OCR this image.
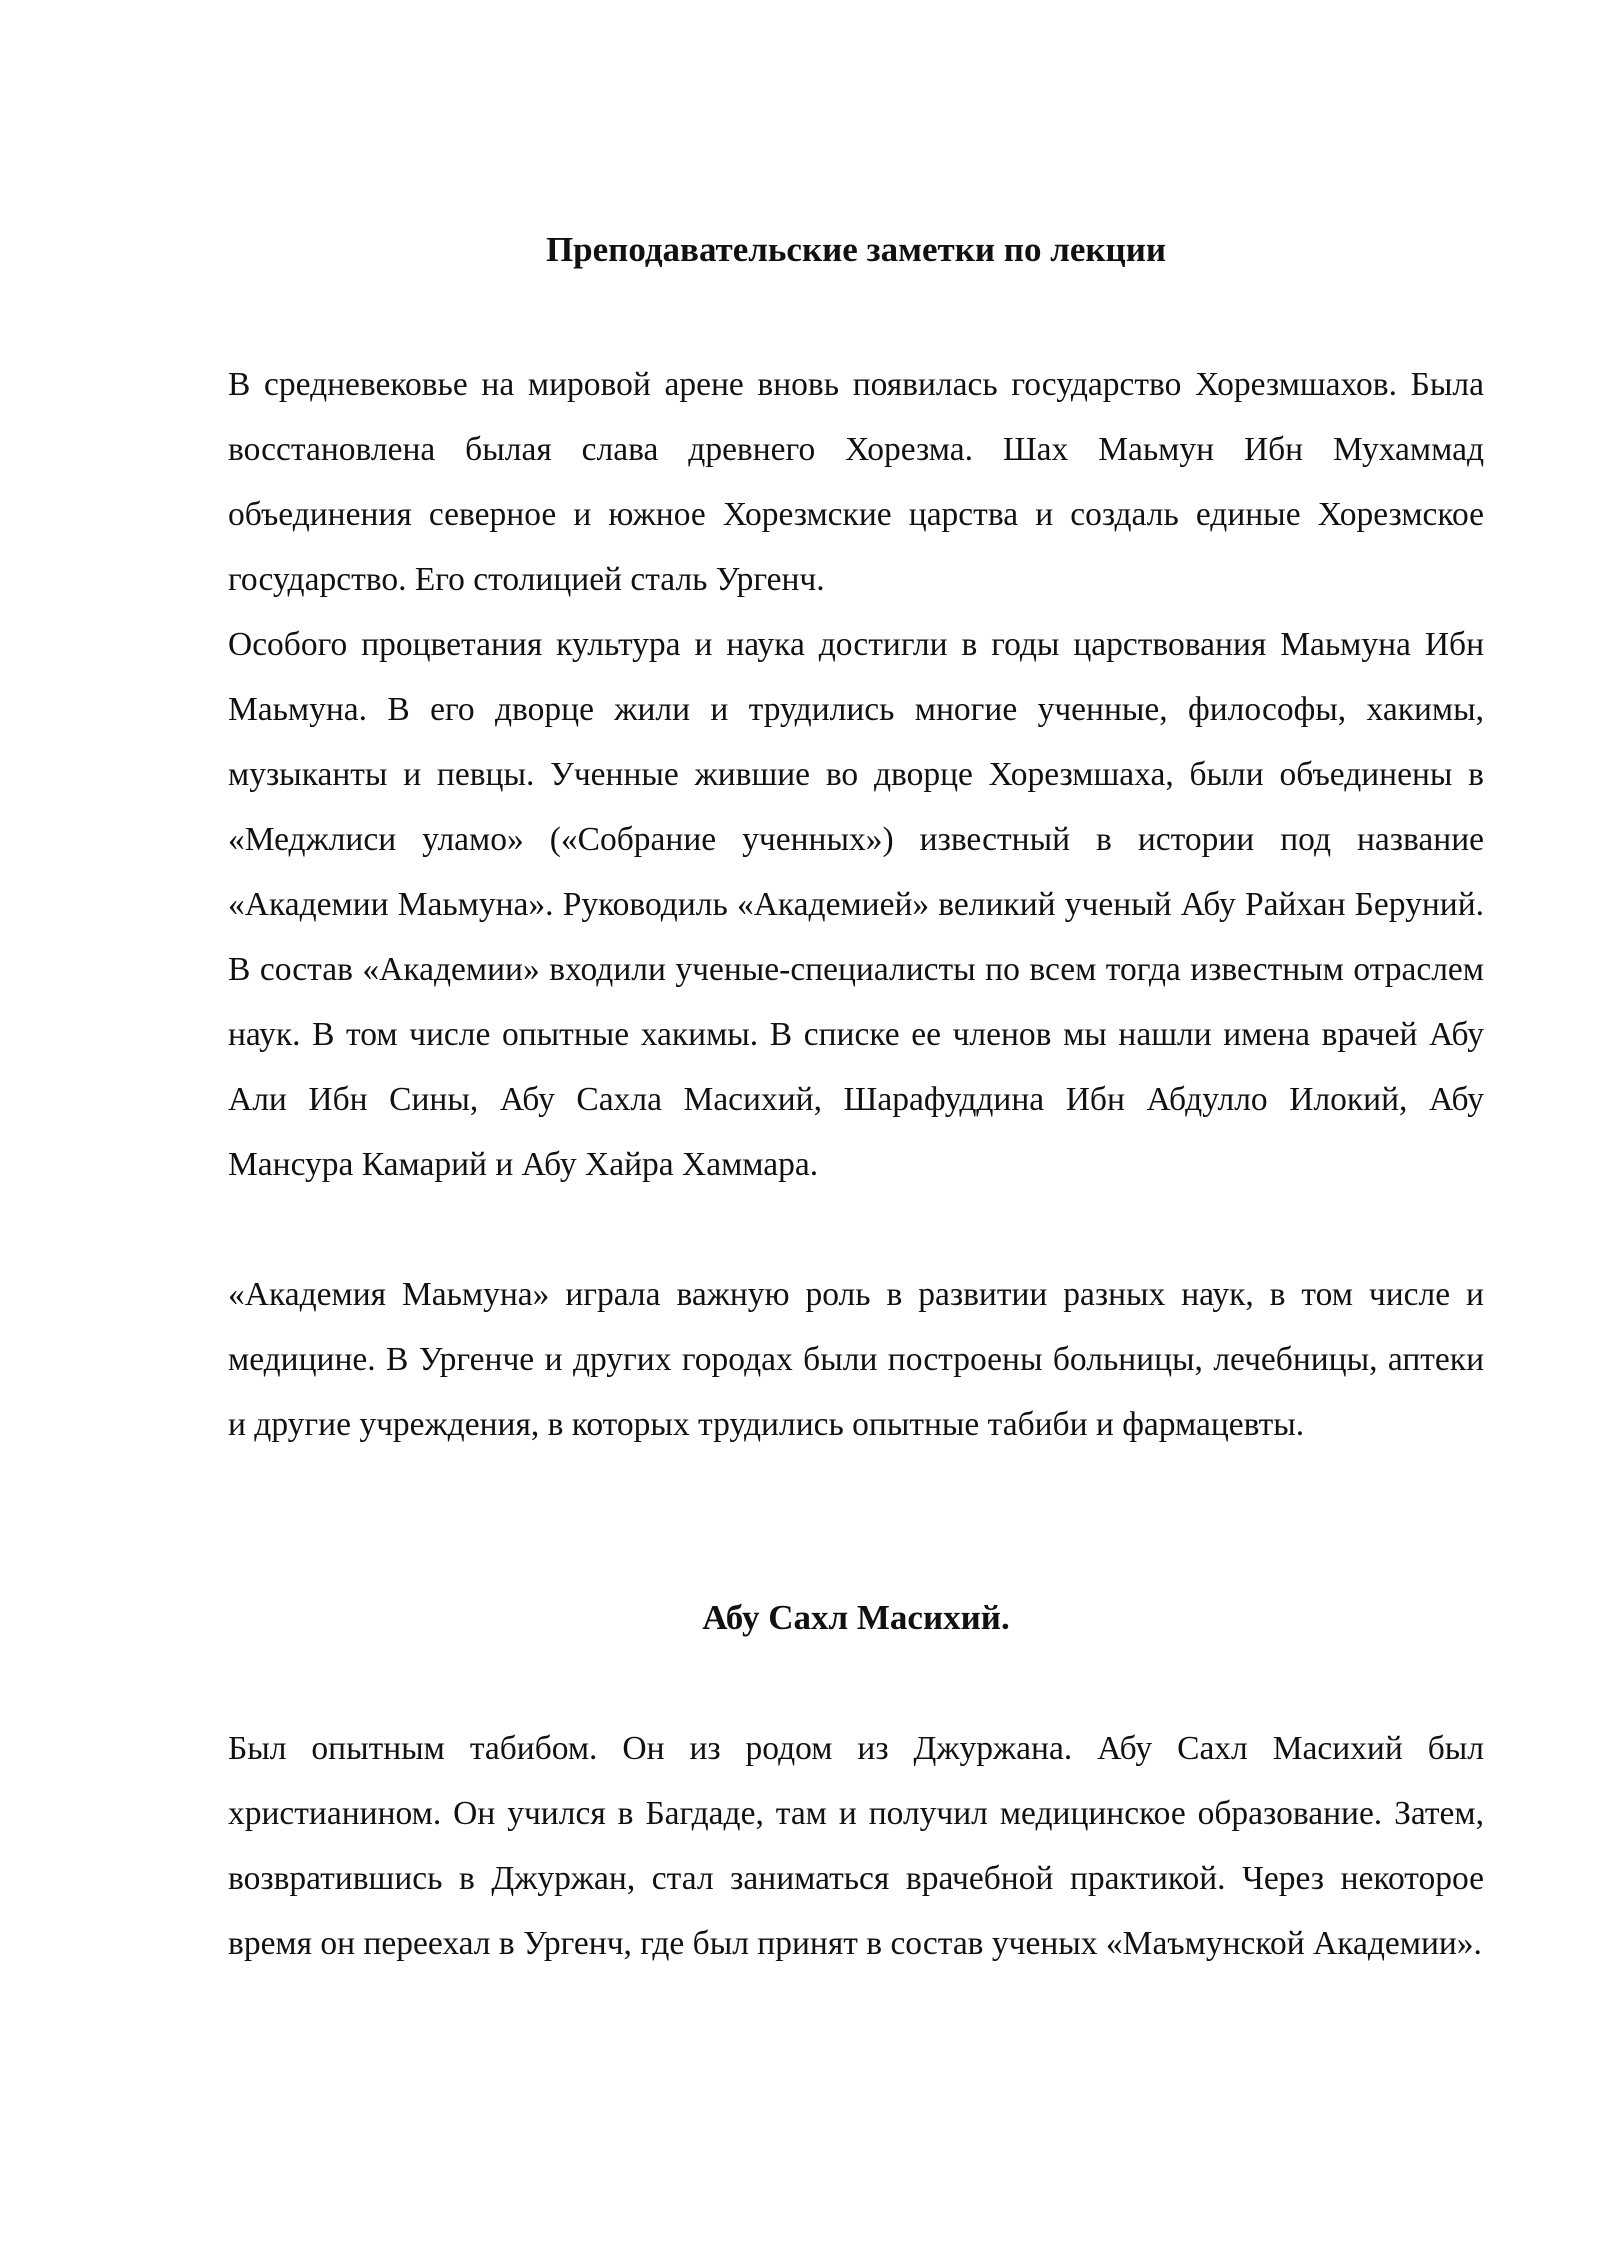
Преподавательские заметки по лекции

В средневековье на мировой арене вновь появилась государство Хорезмшахов. Была восстановлена былая слава древнего Хорезма. Шах Маьмун Ибн Мухаммад объединения северное и южное Хорезмские царства и создаль единые Хорезмское государство. Его столицией сталь Ургенч.

Особого процветания культура и наука достигли в годы царствования Маьмуна Ибн Маьмуна. В его дворце жили и трудились многие ученные, философы, хакимы, музыканты и певцы. Ученные жившие во дворце Хорезмшаха, были объединены в «Меджлиси уламо» («Собрание ученных») известный в истории под название «Академии Маьмуна». Руководиль «Академией» великий ученый Абу Райхан Беруний. В состав «Академии» входили ученые-специалисты по всем тогда известным отраслем наук. В том числе опытные хакимы. В списке ее членов мы нашли имена врачей Абу Али Ибн Сины, Абу Сахла Масихий, Шарафуддина Ибн Абдулло Илокий, Абу Мансура Камарий и Абу Хайра Хаммара.

«Академия Маьмуна» играла важную роль в развитии разных наук, в том числе и медицине. В Ургенче и других городах были построены больницы, лечебницы, аптеки и другие учреждения, в которых трудились опытные табиби и фармацевты.

Абу Сахл Масихий.

Был опытным табибом. Он из родом из Джуржана. Абу Сахл Масихий был христианином. Он учился в Багдаде, там и получил медицинское образование. Затем, возвратившись в Джуржан, стал заниматься врачебной практикой. Через некоторое время он переехал в Ургенч, где был принят в состав ученых «Маъмунской Академии».
